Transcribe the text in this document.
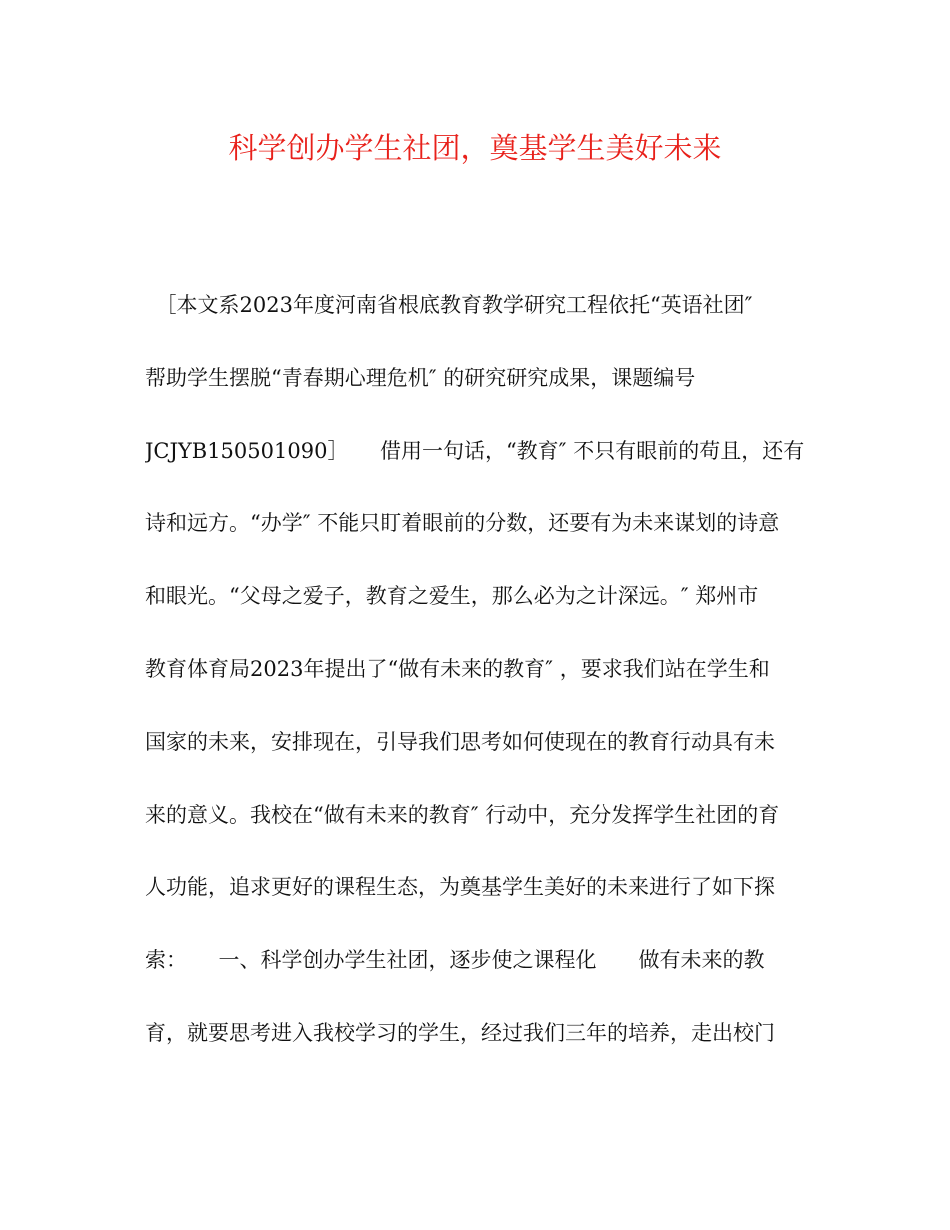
科学创办学生社团，奠基学生美好未来
　［本文系2023年度河南省根底教育教学研究工程依托“英语社团″
帮助学生摆脱“青春期心理危机″ 的研究研究成果，课题编号
JCJYB150501090］　　借用一句话，“教育″ 不只有眼前的苟且，还有
诗和远方。“办学″ 不能只盯着眼前的分数，还要有为未来谋划的诗意
和眼光。“父母之爱子，教育之爱生，那么必为之计深远。″ 郑州市
教育体育局2023年提出了“做有未来的教育″ ，要求我们站在学生和
国家的未来，安排现在，引导我们思考如何使现在的教育行动具有未
来的意义。我校在“做有未来的教育″ 行动中，充分发挥学生社团的育
人功能，追求更好的课程生态，为奠基学生美好的未来进行了如下探
索：　　一、科学创办学生社团，逐步使之课程化　　做有未来的教
育，就要思考进入我校学习的学生，经过我们三年的培养，走出校门
